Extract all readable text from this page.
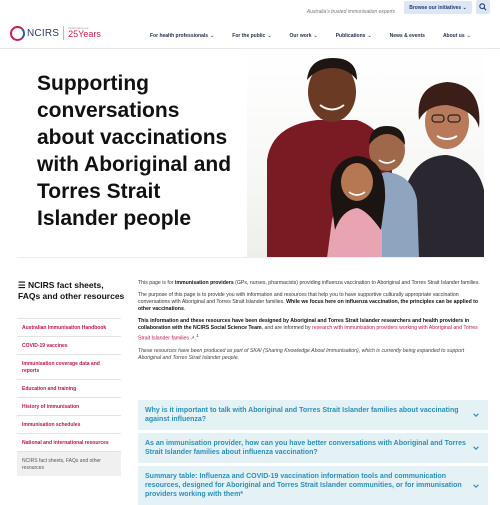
Australia's trusted immunisation experts
Browse our initiatives ⌄
NCIRS	Celebrating our
25Years	For health professionals ⌄	For the public ⌄	Our work ⌄	Publications ⌄	News & events	About us ⌄
Supporting conversations about vaccinations with Aboriginal and Torres Strait Islander people
☰ NCIRS fact sheets, FAQs and other resources
Australian Immunisation Handbook
COVID-19 vaccines
Immunisation coverage data and reports
Education and training
History of immunisation
Immunisation schedules
National and international resources
NCIRS fact sheets, FAQs and other resources

This page is for immunisation providers (GPs, nurses, pharmacists) providing influenza vaccination to Aboriginal and Torres Strait Islander families.

The purpose of this page is to provide you with information and resources that help you to have supportive culturally appropriate vaccination conversations with Aboriginal and Torres Strait Islander families. While we focus here on influenza vaccination, the principles can be applied to other vaccinations.

This information and these resources have been designed by Aboriginal and Torres Strait Islander researchers and health providers in collaboration with the NCIRS Social Science Team, and are informed by research with immunisation providers working with Aboriginal and Torres Strait Islander families ↗.$^1$

These resources have been produced as part of SKAI (Sharing Knowledge About Immunisation), which is currently being expanded to support Aboriginal and Torres Strait Islander people.

Why is it important to talk with Aboriginal and Torres Strait Islander families about vaccinating against influenza?
As an immunisation provider, how can you have better conversations with Aboriginal and Torres Strait Islander families about influenza vaccination?
Summary table: Influenza and COVID-19 vaccination information tools and communication resources, designed for Aboriginal and Torres Strait Islander communities, or for immunisation providers working with them*
